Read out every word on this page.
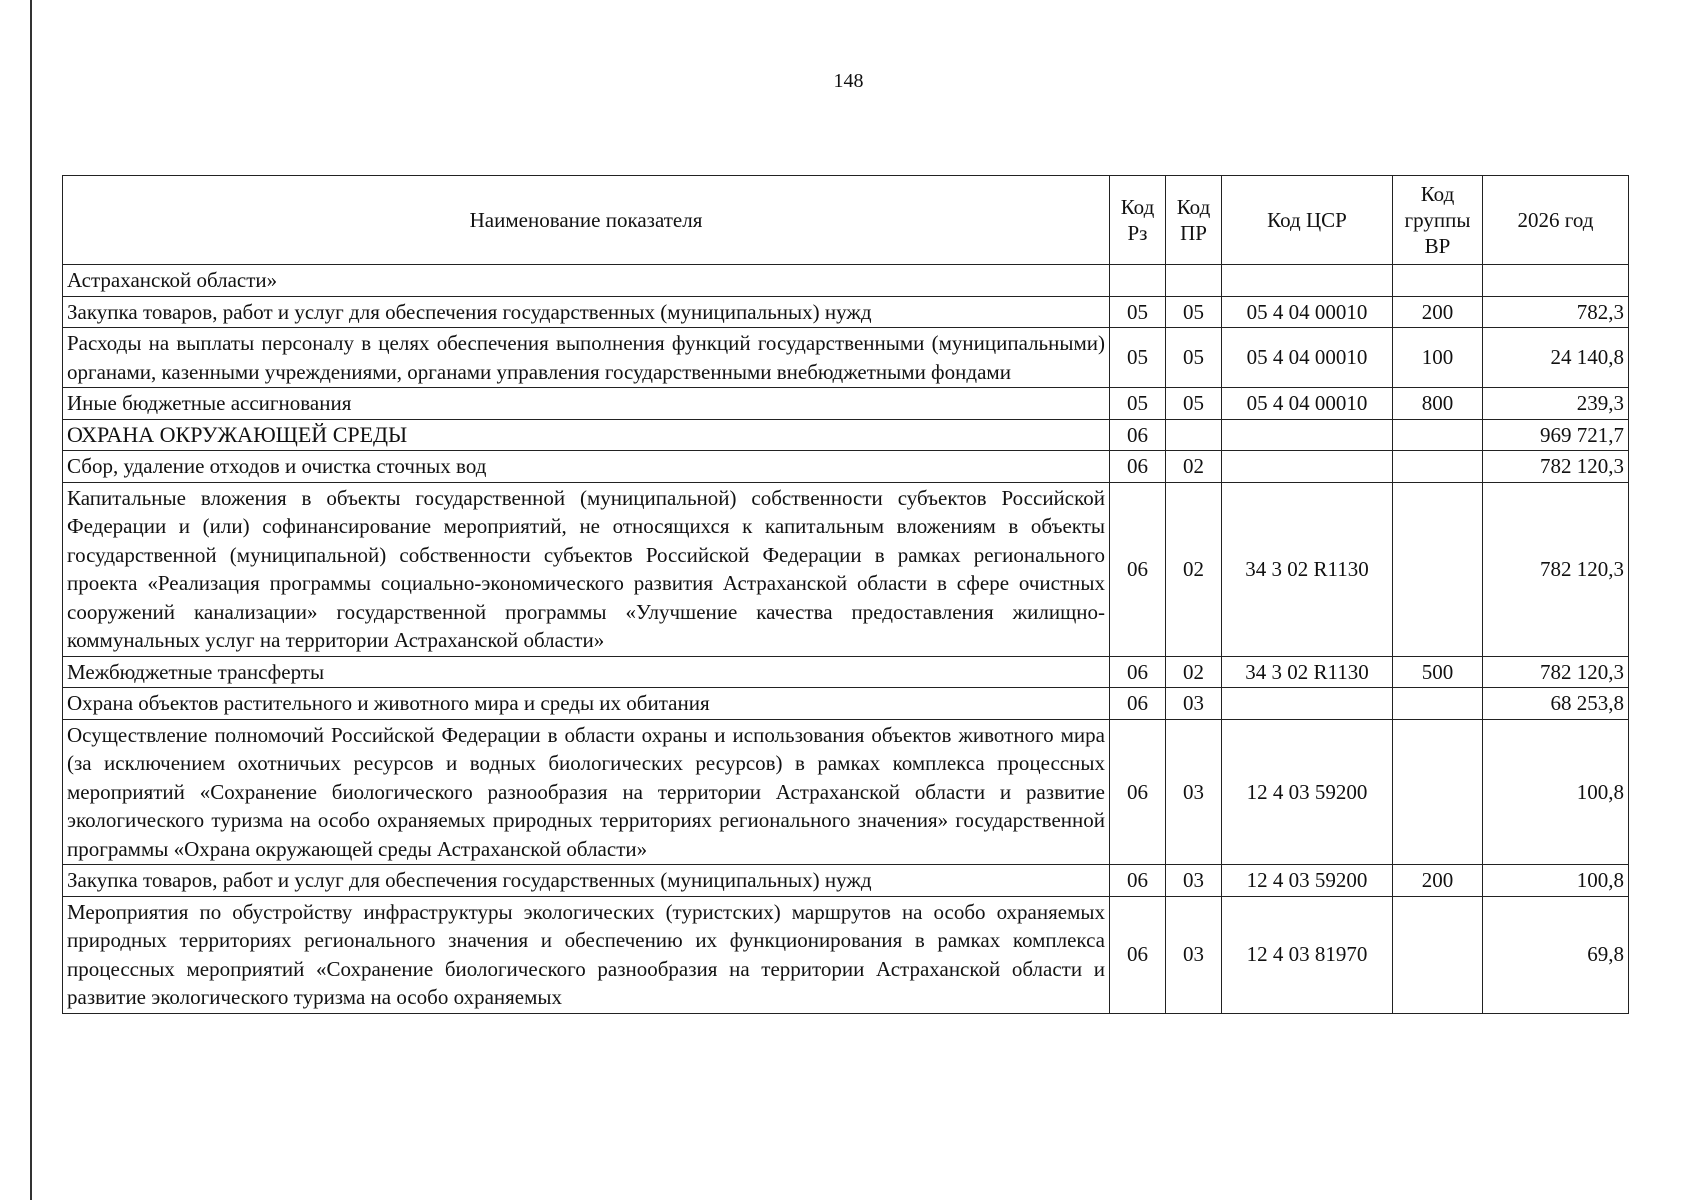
148
Наименование показателя	Код Рз	Код ПР	Код ЦСР	Код группы ВР	2026 год
Астраханской области»					
Закупка товаров, работ и услуг для обеспечения государственных (муниципальных) нужд	05	05	05 4 04 00010	200	782,3
Расходы на выплаты персоналу в целях обеспечения выполнения функций государственными (муниципальными) органами, казенными учреждениями, органами управления государственными внебюджетными фондами	05	05	05 4 04 00010	100	24 140,8
Иные бюджетные ассигнования	05	05	05 4 04 00010	800	239,3
ОХРАНА ОКРУЖАЮЩЕЙ СРЕДЫ	06				969 721,7
Сбор, удаление отходов и очистка сточных вод	06	02			782 120,3
Капитальные вложения в объекты государственной (муниципальной) собственности субъектов Российской Федерации и (или) софинансирование мероприятий, не относящихся к капитальным вложениям в объекты государственной (муниципальной) собственности субъектов Российской Федерации в рамках регионального проекта «Реализация программы социально-экономического развития Астраханской области в сфере очистных сооружений канализации» государственной программы «Улучшение качества предоставления жилищно-коммунальных услуг на территории Астраханской области»	06	02	34 3 02 R1130		782 120,3
Межбюджетные трансферты	06	02	34 3 02 R1130	500	782 120,3
Охрана объектов растительного и животного мира и среды их обитания	06	03			68 253,8
Осуществление полномочий Российской Федерации в области охраны и использования объектов животного мира (за исключением охотничьих ресурсов и водных биологических ресурсов) в рамках комплекса процессных мероприятий «Сохранение биологического разнообразия на территории Астраханской области и развитие экологического туризма на особо охраняемых природных территориях регионального значения» государственной программы «Охрана окружающей среды Астраханской области»	06	03	12 4 03 59200		100,8
Закупка товаров, работ и услуг для обеспечения государственных (муниципальных) нужд	06	03	12 4 03 59200	200	100,8
Мероприятия по обустройству инфраструктуры экологических (туристских) маршрутов на особо охраняемых природных территориях регионального значения и обеспечению их функционирования в рамках комплекса процессных мероприятий «Сохранение биологического разнообразия на территории Астраханской области и развитие экологического туризма на особо охраняемых	06	03	12 4 03 81970		69,8
